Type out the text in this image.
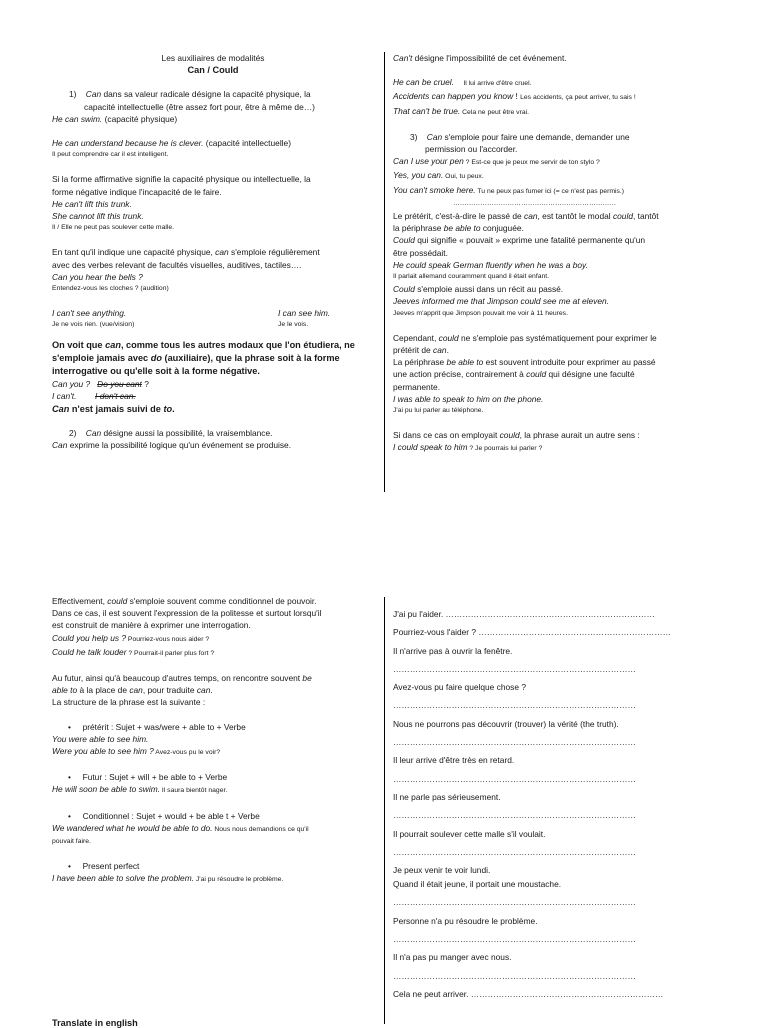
Les auxiliaires de modalités

Can / Could

1) Can dans sa valeur radicale désigne la capacité physique, la

capacité intellectuelle (être assez fort pour, être à même de…)

He can swim. (capacité physique)

He can understand because he is clever. (capacité intellectuelle)

Il peut comprendre car il est intelligent.

Si la forme affirmative signifie la capacité physique ou intellectuelle, la

forme négative indique l'incapacité de le faire.

He can't lift this trunk.

She cannot lift this trunk.

Il / Elle ne peut pas soulever cette malle.

En tant qu'il indique une capacité physique, can s'emploie régulièrement

avec des verbes relevant de facultés visuelles, auditives, tactiles….

Can you hear the bells ?

Entendez-vous les cloches ? (audition)

I can't see anything.	I can see him.
Je ne vois rien. (vue/vision)	Je le vois.

On voit que can, comme tous les autres modaux que l'on étudiera, ne

s'emploie jamais avec do (auxiliaire), que la phrase soit à la forme

interrogative ou qu'elle soit à la forme négative.

Can you ? Do you cant ?

I can't. I don't can.

Can n'est jamais suivi de to.

2) Can désigne aussi la possibilité, la vraisemblance.

Can exprime la possibilité logique qu'un événement se produise.

Can't désigne l'impossibilité de cet événement.

He can be cruel. Il lui arrive d'être cruel.

Accidents can happen you know ! Les accidents, ça peut arriver, tu sais !

That can't be true. Cela ne peut être vrai.

3) Can s'emploie pour faire une demande, demander une

permission ou l'accorder.

Can I use your pen ? Est-ce que je peux me servir de ton stylo ?

Yes, you can. Oui, tu peux.

You can't smoke here. Tu ne peux pas fumer ici (= ce n'est pas permis.)

………………………………………………………………

Le prétérit, c'est-à-dire le passé de can, est tantôt le modal could, tantôt

la périphrase be able to conjuguée.

Could qui signifie « pouvait » exprime une fatalité permanente qu'un

être possédait.

He could speak German fluently when he was a boy.

Il parlait allemand couramment quand il était enfant.

Could s'emploie aussi dans un récit au passé.

Jeeves informed me that Jimpson could see me at eleven.

Jeeves m'apprit que Jimpson pouvait me voir à 11 heures.

Cependant, could ne s'emploie pas systématiquement pour exprimer le

prétérit de can.

La périphrase be able to est souvent introduite pour exprimer au passé

une action précise, contrairement à could qui désigne une faculté

permanente.

I was able to speak to him on the phone.

J'ai pu lui parler au téléphone.

Si dans ce cas on employait could, la phrase aurait un autre sens :

I could speak to him ? Je pourrais lui parler ?

Effectivement, could s'emploie souvent comme conditionnel de pouvoir.

Dans ce cas, il est souvent l'expression de la politesse et surtout lorsqu'il

est construit de manière à exprimer une interrogation.

Could you help us ? Pourriez-vous nous aider ?

Could he talk louder ? Pourrait-il parler plus fort ?

Au futur, ainsi qu'à beaucoup d'autres temps, on rencontre souvent be

able to à la place de can, pour traduite can.

La structure de la phrase est la suivante :

• prétérit : Sujet + was/were + able to + Verbe

You were able to see him.

Were you able to see him ? Avez-vous pu le voir?

• Futur : Sujet + will + be able to + Verbe

He will soon be able to swim. Il saura bientôt nager.

• Conditionnel : Sujet + would + be able t + Verbe

We wandered what he would be able to do. Nous nous demandions ce qu'il

pouvait faire.

• Present perfect

I have been able to solve the problem. J'ai pu résoudre le problème.

Translate in english

J'ai pu l'aider. …………………………………………………………………

Pourriez-vous l'aider ? ……………………………………………………………

Il n'arrive pas à ouvrir la fenêtre.

……………………………………………………………………………

Avez-vous pu faire quelque chose ?

……………………………………………………………………………

Nous ne pourrons pas découvrir (trouver) la vérité (the truth).

……………………………………………………………………………

Il leur arrive d'être très en retard.

……………………………………………………………………………

Il ne parle pas sérieusement.

……………………………………………………………………………

Il pourrait soulever cette malle s'il voulait.

……………………………………………………………………………

Je peux venir te voir lundi.

Quand il était jeune, il portait une moustache.

……………………………………………………………………………

Personne n'a pu résoudre le problème.

……………………………………………………………………………

Il n'a pas pu manger avec nous.

……………………………………………………………………………

Cela ne peut arriver. ……………………………………………………………
